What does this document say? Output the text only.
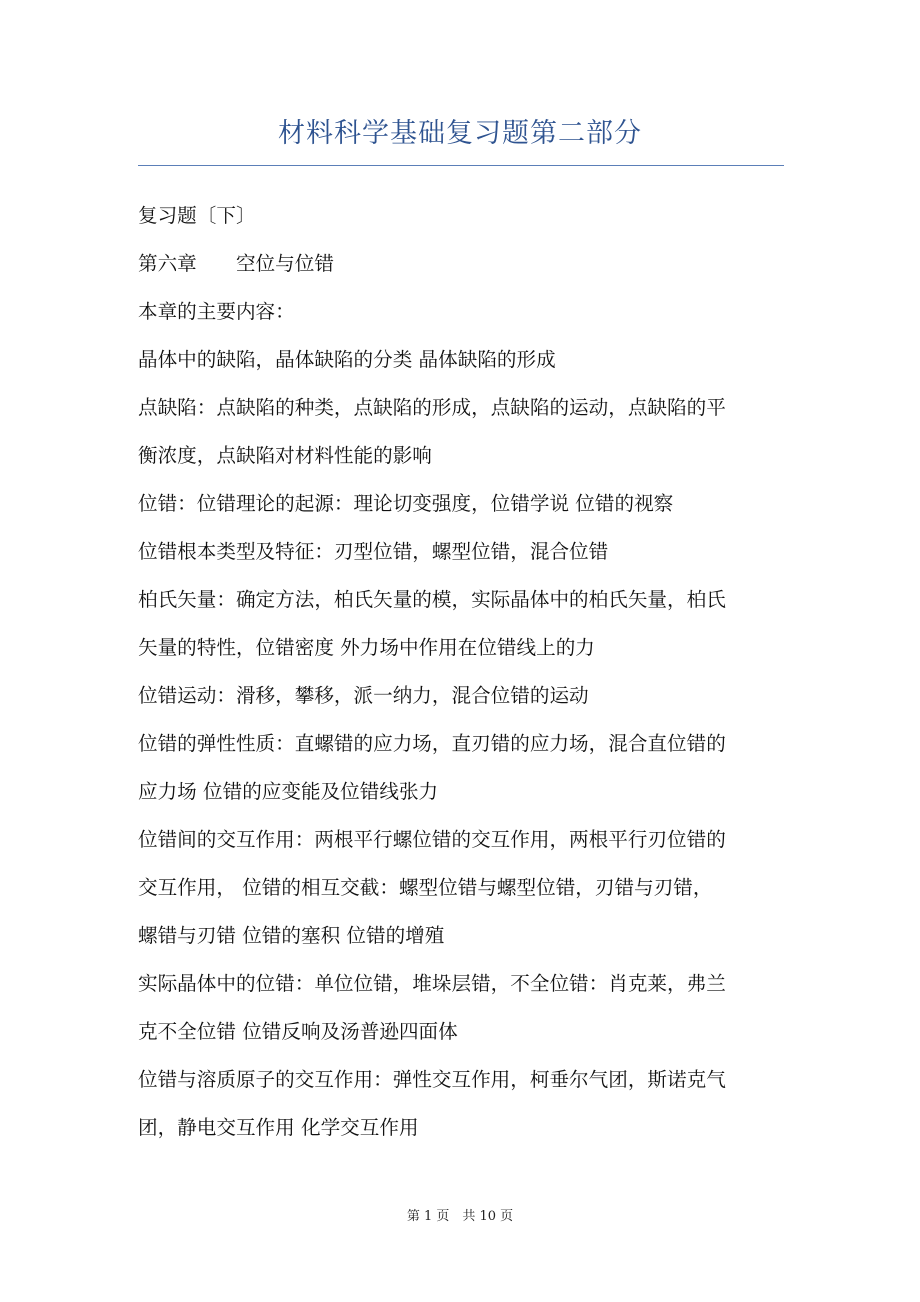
材料科学基础复习题第二部分
复习题〔下〕
第六章　　空位与位错
本章的主要内容：
晶体中的缺陷，晶体缺陷的分类 晶体缺陷的形成
点缺陷：点缺陷的种类，点缺陷的形成，点缺陷的运动，点缺陷的平
衡浓度，点缺陷对材料性能的影响
位错：位错理论的起源：理论切变强度，位错学说 位错的视察
位错根本类型及特征：刃型位错，螺型位错，混合位错
柏氏矢量：确定方法，柏氏矢量的模，实际晶体中的柏氏矢量，柏氏
矢量的特性，位错密度 外力场中作用在位错线上的力
位错运动：滑移，攀移，派一纳力，混合位错的运动
位错的弹性性质：直螺错的应力场，直刃错的应力场，混合直位错的
应力场 位错的应变能及位错线张力
位错间的交互作用：两根平行螺位错的交互作用，两根平行刃位错的
交互作用， 位错的相互交截：螺型位错与螺型位错，刃错与刃错，
螺错与刃错 位错的塞积 位错的增殖
实际晶体中的位错：单位位错，堆垛层错，不全位错：肖克莱，弗兰
克不全位错 位错反响及汤普逊四面体
位错与溶质原子的交互作用：弹性交互作用，柯垂尔气团，斯诺克气
团，静电交互作用 化学交互作用
第 1 页　共 10 页
